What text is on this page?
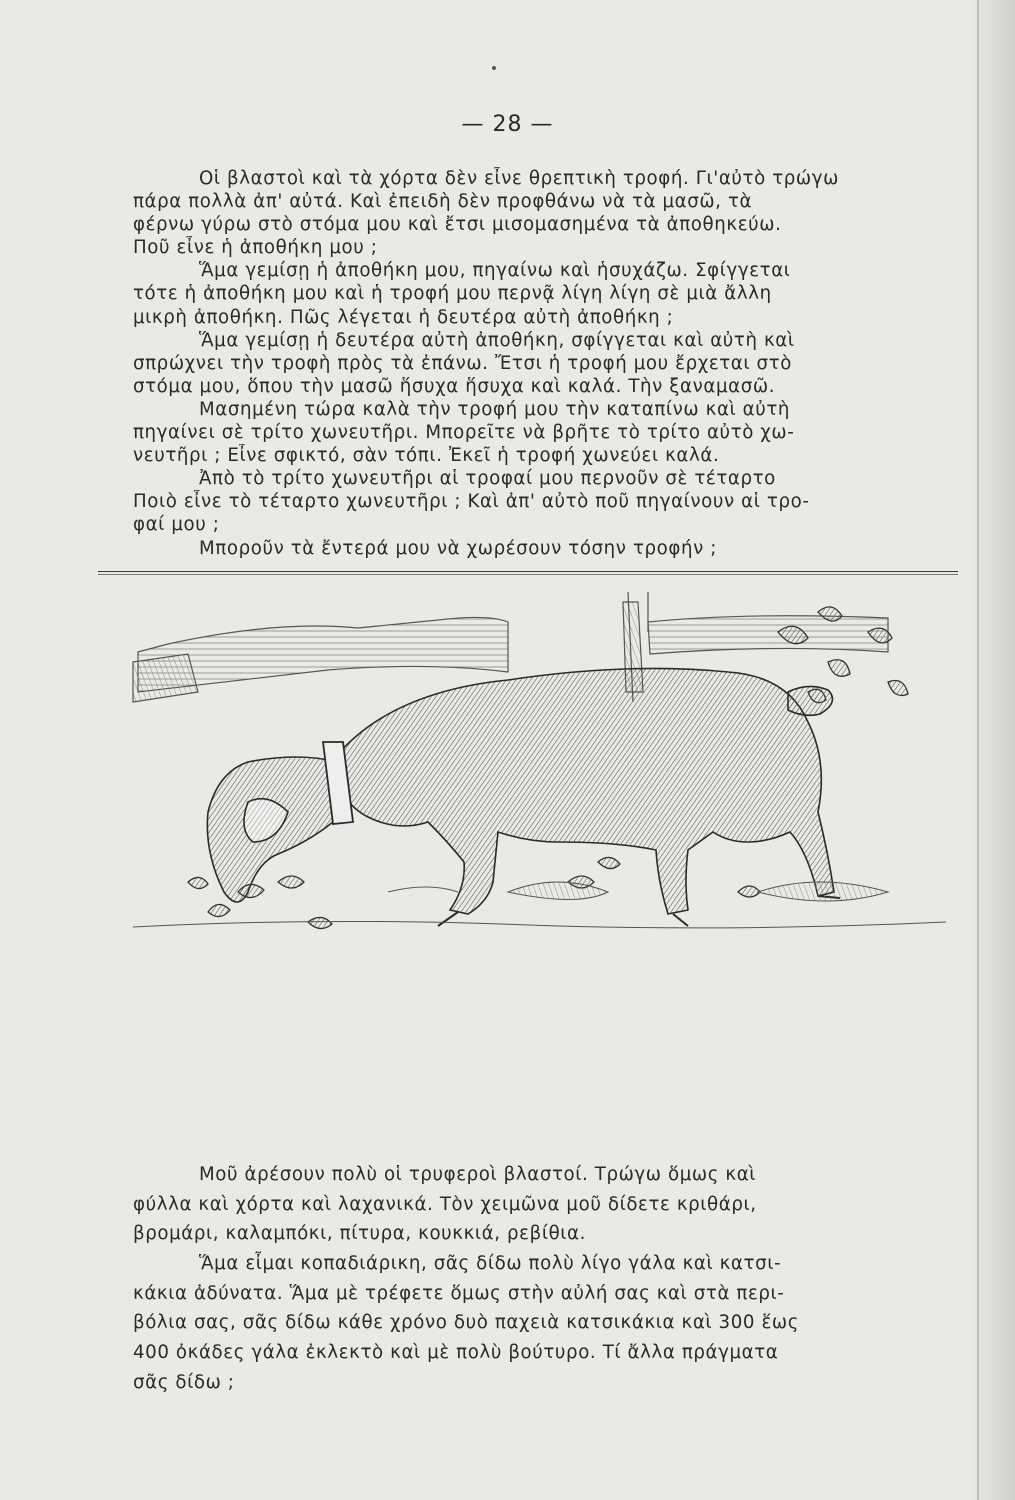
— 28 —
Οἱ βλαστοὶ καὶ τὰ χόρτα δὲν εἶνε θρεπτικὴ τροφή. Γι'αὐτὸ τρώγω
πάρα πολλὰ ἀπ' αὐτά. Καὶ ἐπειδὴ δὲν προφθάνω νὰ τὰ μασῶ, τὰ
φέρνω γύρω στὸ στόμα μου καὶ ἔτσι μισομασημένα τὰ ἀποθηκεύω.
Ποῦ εἶνε ἡ ἀποθήκη μου ;
Ἅμα γεμίσῃ ἡ ἀποθήκη μου, πηγαίνω καὶ ἡσυχάζω. Σφίγγεται
τότε ἡ ἀποθήκη μου καὶ ἡ τροφή μου περνᾷ λίγη λίγη σὲ μιὰ ἄλλη
μικρὴ ἀποθήκη. Πῶς λέγεται ἡ δευτέρα αὐτὴ ἀποθήκη ;
Ἅμα γεμίσῃ ἡ δευτέρα αὐτὴ ἀποθήκη, σφίγγεται καὶ αὐτὴ καὶ
σπρώχνει τὴν τροφὴ πρὸς τὰ ἐπάνω. Ἔτσι ἡ τροφή μου ἔρχεται στὸ
στόμα μου, ὅπου τὴν μασῶ ἥσυχα ἥσυχα καὶ καλά. Τὴν ξαναμασῶ.
Μασημένη τώρα καλὰ τὴν τροφή μου τὴν καταπίνω καὶ αὐτὴ
πηγαίνει σὲ τρίτο χωνευτῆρι. Μπορεῖτε νὰ βρῆτε τὸ τρίτο αὐτὸ χω-
νευτῆρι ; Εἶνε σφικτό, σὰν τόπι. Ἐκεῖ ἡ τροφή χωνεύει καλά.
Ἀπὸ τὸ τρίτο χωνευτῆρι αἱ τροφαί μου περνοῦν σὲ τέταρτο
Ποιὸ εἶνε τὸ τέταρτο χωνευτῆρι ; Καὶ ἀπ' αὐτὸ ποῦ πηγαίνουν αἱ τρο-
φαί μου ;
Μποροῦν τὰ ἔντερά μου νὰ χωρέσουν τόσην τροφήν ;
Μοῦ ἀρέσουν πολὺ οἱ τρυφεροὶ βλαστοί. Τρώγω ὅμως καὶ
φύλλα καὶ χόρτα καὶ λαχανικά. Τὸν χειμῶνα μοῦ δίδετε κριθάρι,
βρομάρι, καλαμπόκι, πίτυρα, κουκκιά, ρεβίθια.
Ἅμα εἶμαι κοπαδιάρικη, σᾶς δίδω πολὺ λίγο γάλα καὶ κατσι-
κάκια ἀδύνατα. Ἅμα μὲ τρέφετε ὅμως στὴν αὐλή σας καὶ στὰ περι-
βόλια σας, σᾶς δίδω κάθε χρόνο δυὸ παχειὰ κατσικάκια καὶ 300 ἕως
400 ὀκάδες γάλα ἐκλεκτὸ καὶ μὲ πολὺ βούτυρο. Τί ἄλλα πράγματα
σᾶς δίδω ;
